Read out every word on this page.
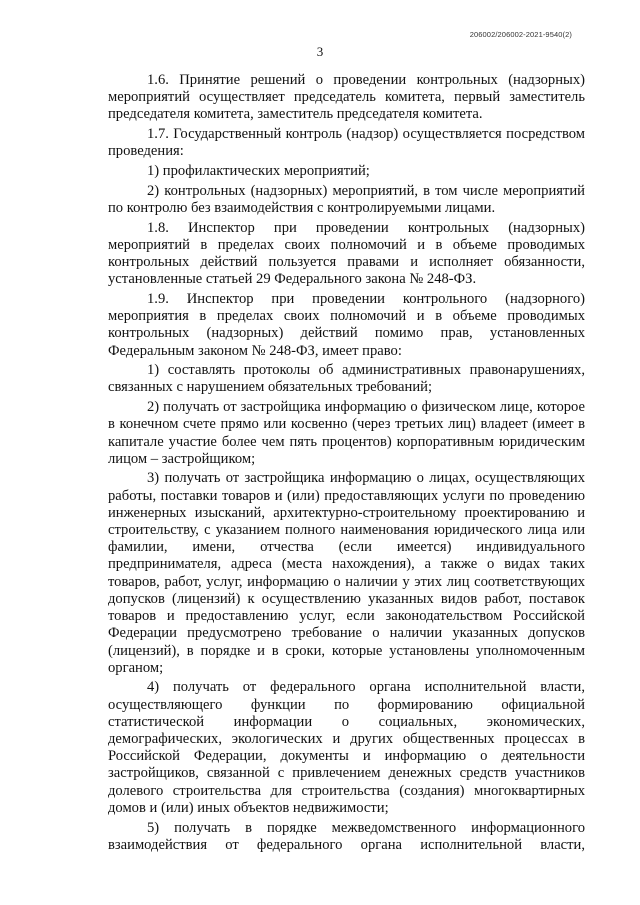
206002/206002-2021-9540(2)
3

1.6. Принятие решений о проведении контрольных (надзорных) мероприятий осуществляет председатель комитета, первый заместитель председателя комитета, заместитель председателя комитета.

1.7. Государственный контроль (надзор) осуществляется посредством проведения:

1) профилактических мероприятий;

2) контрольных (надзорных) мероприятий, в том числе мероприятий по контролю без взаимодействия с контролируемыми лицами.

1.8. Инспектор при проведении контрольных (надзорных) мероприятий в пределах своих полномочий и в объеме проводимых контрольных действий пользуется правами и исполняет обязанности, установленные статьей 29 Федерального закона № 248-ФЗ.

1.9. Инспектор при проведении контрольного (надзорного) мероприятия в пределах своих полномочий и в объеме проводимых контрольных (надзорных) действий помимо прав, установленных Федеральным законом № 248-ФЗ, имеет право:

1) составлять протоколы об административных правонарушениях, связанных с нарушением обязательных требований;

2) получать от застройщика информацию о физическом лице, которое в конечном счете прямо или косвенно (через третьих лиц) владеет (имеет в капитале участие более чем пять процентов) корпоративным юридическим лицом – застройщиком;

3) получать от застройщика информацию о лицах, осуществляющих работы, поставки товаров и (или) предоставляющих услуги по проведению инженерных изысканий, архитектурно-строительному проектированию и строительству, с указанием полного наименования юридического лица или фамилии, имени, отчества (если имеется) индивидуального предпринимателя, адреса (места нахождения), а также о видах таких товаров, работ, услуг, информацию о наличии у этих лиц соответствующих допусков (лицензий) к осуществлению указанных видов работ, поставок товаров и предоставлению услуг, если законодательством Российской Федерации предусмотрено требование о наличии указанных допусков (лицензий), в порядке и в сроки, которые установлены уполномоченным органом;

4) получать от федерального органа исполнительной власти, осуществляющего функции по формированию официальной статистической информации о социальных, экономических, демографических, экологических и других общественных процессах в Российской Федерации, документы и информацию о деятельности застройщиков, связанной с привлечением денежных средств участников долевого строительства для строительства (создания) многоквартирных домов и (или) иных объектов недвижимости;

5) получать в порядке межведомственного информационного взаимодействия от федерального органа исполнительной власти,
